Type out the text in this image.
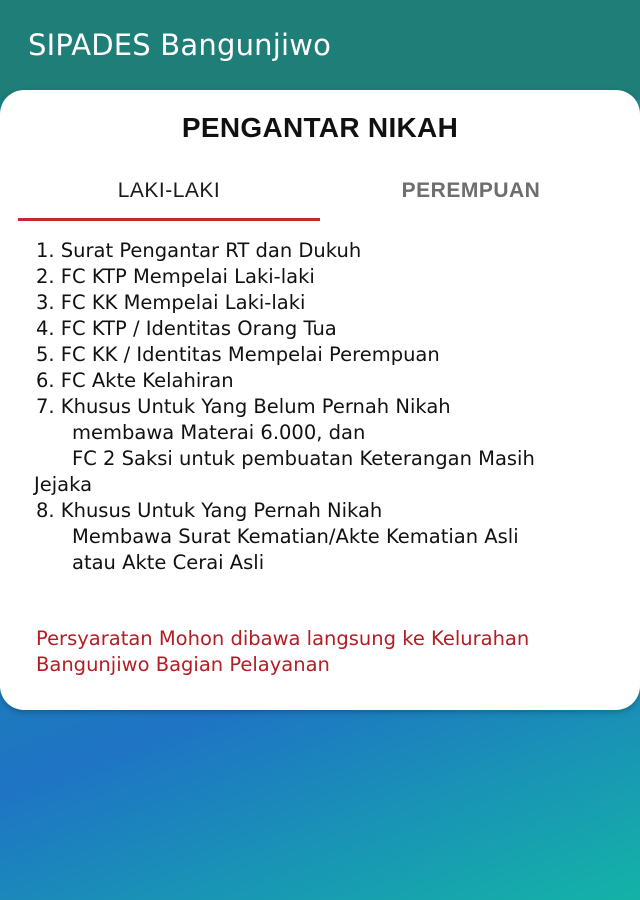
SIPADES Bangunjiwo
PENGANTAR NIKAH
LAKI-LAKI	PEREMPUAN
1. Surat Pengantar RT dan Dukuh
2. FC KTP Mempelai Laki-laki
3. FC KK Mempelai Laki-laki
4. FC KTP / Identitas Orang Tua
5. FC KK / Identitas Mempelai Perempuan
6. FC Akte Kelahiran
7. Khusus Untuk Yang Belum Pernah Nikah
membawa Materai 6.000, dan
FC 2 Saksi untuk pembuatan Keterangan Masih
Jejaka
8. Khusus Untuk Yang Pernah Nikah
Membawa Surat Kematian/Akte Kematian Asli
atau Akte Cerai Asli
Persyaratan Mohon dibawa langsung ke Kelurahan
Bangunjiwo Bagian Pelayanan
